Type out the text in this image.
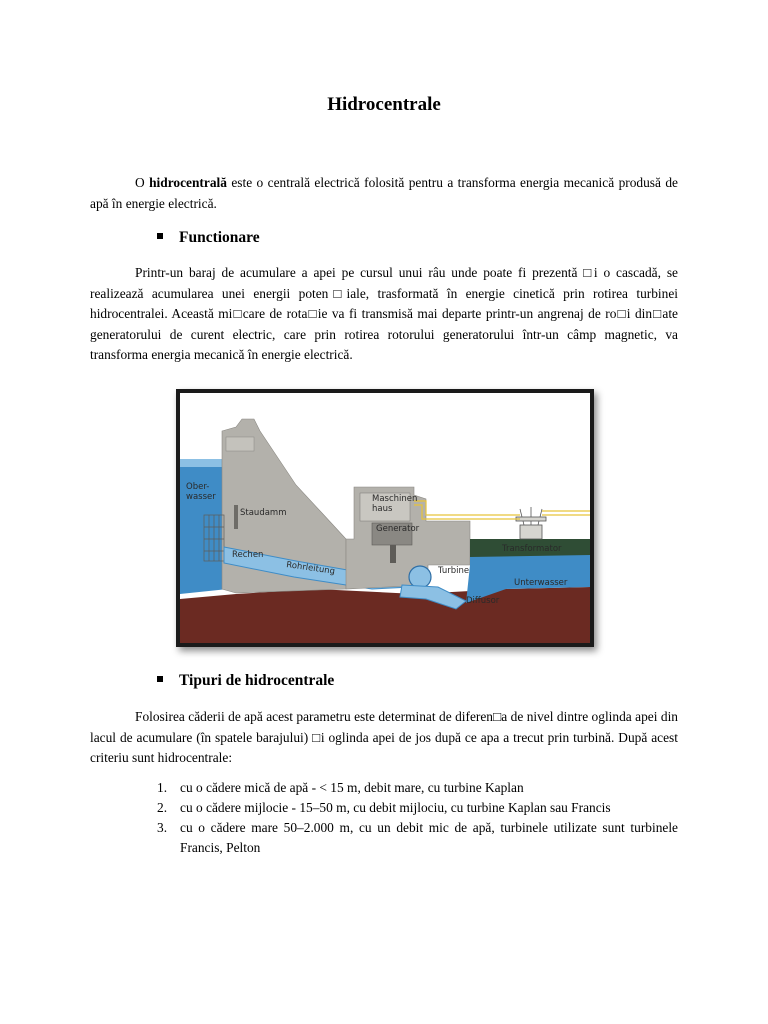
Hidrocentrale
O hidrocentrală este o centrală electrică folosită pentru a transforma energia mecanică produsă de apă în energie electrică.
Functionare
Printr-un baraj de acumulare a apei pe cursul unui râu unde poate fi prezentă □i o cascadă, se realizează acumularea unei energii poten□iale, trasformată în energie cinetică prin rotirea turbinei hidrocentralei. Această mi□care de rota□ie va fi transmisă mai departe printr-un angrenaj de ro□i din□ate generatorului de curent electric, care prin rotirea rotorului generatorului într-un câmp magnetic, va transforma energia mecanică în energie electrică.
Ober-
wasser
Staudamm
Maschinen
haus
Generator
Rechen
Rohrleitung	Turbine
Transformator
Unterwasser
Diffusor
Tipuri de hidrocentrale
Folosirea căderii de apă acest parametru este determinat de diferen□a de nivel dintre oglinda apei din lacul de acumulare (în spatele barajului) □i oglinda apei de jos după ce apa a trecut prin turbină. După acest criteriu sunt hidrocentrale:
1. cu o cădere mică de apă - < 15 m, debit mare, cu turbine Kaplan
2. cu o cădere mijlocie - 15–50 m, cu debit mijlociu, cu turbine Kaplan sau Francis
3. cu o cădere mare 50–2.000 m, cu un debit mic de apă, turbinele utilizate sunt turbinele Francis, Pelton
